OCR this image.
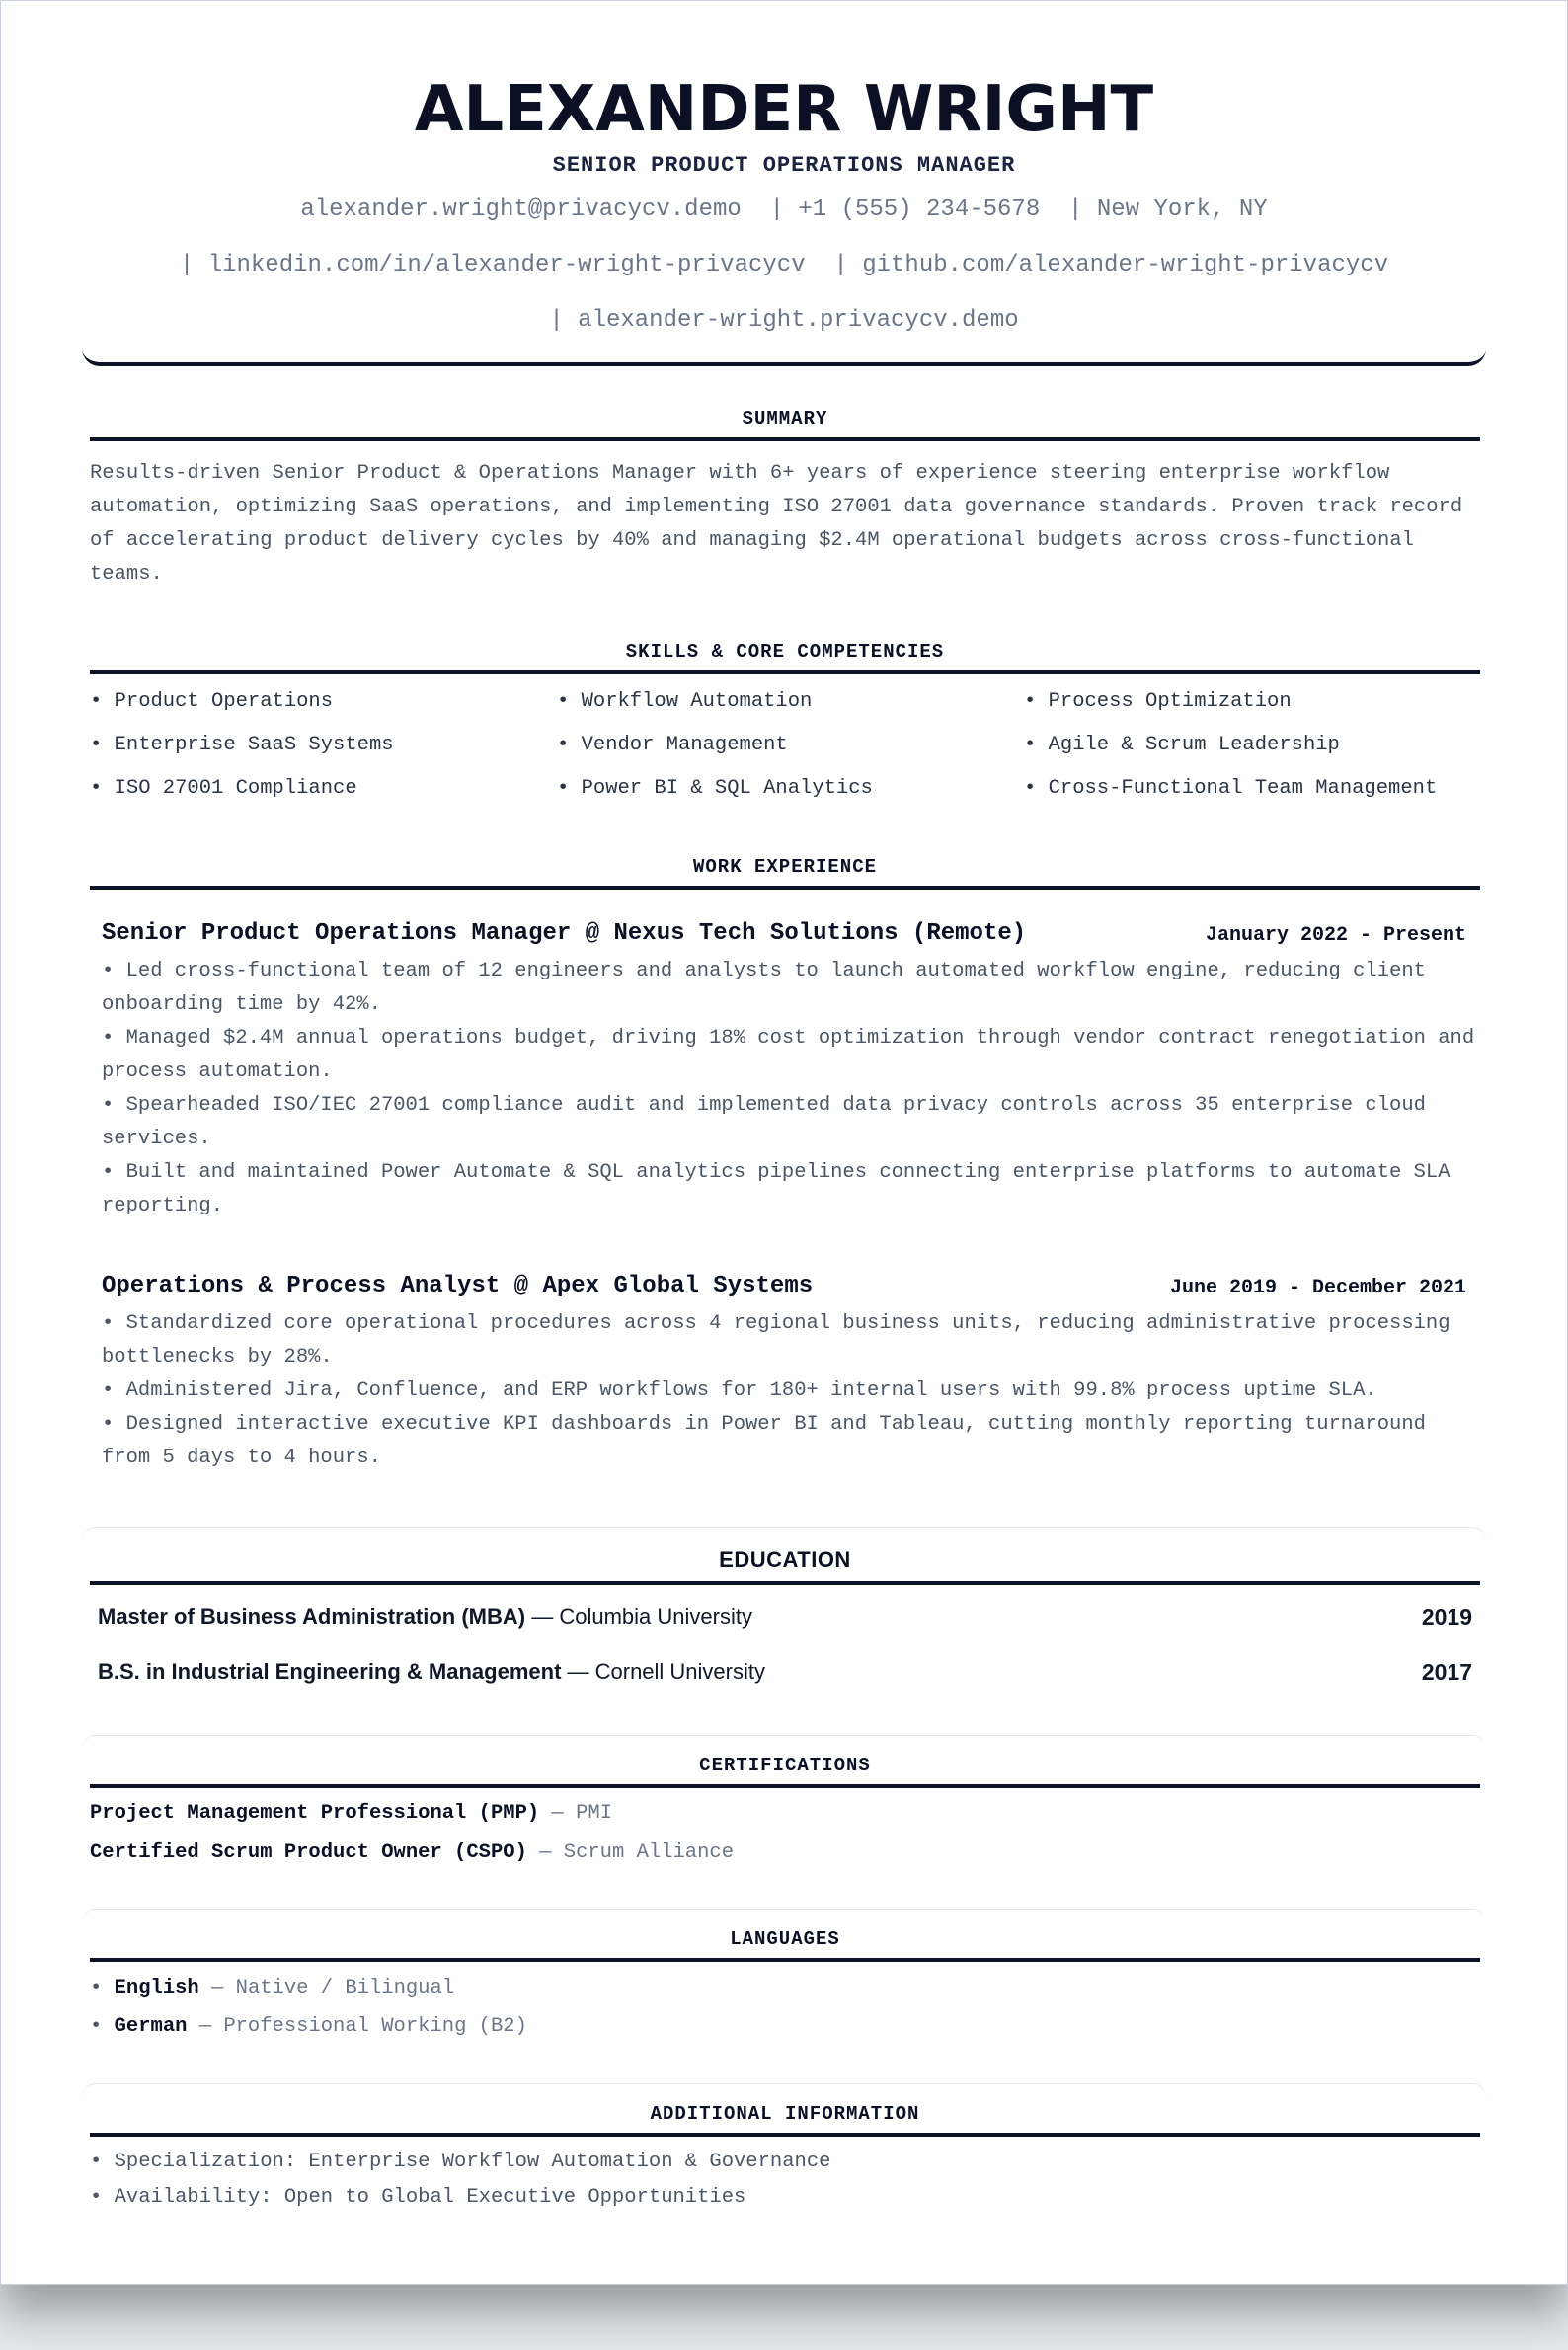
ALEXANDER WRIGHT
SENIOR PRODUCT OPERATIONS MANAGER
alexander.wright@privacycv.demo  | +1 (555) 234-5678  | New York, NY
| linkedin.com/in/alexander-wright-privacycv  | github.com/alexander-wright-privacycv
| alexander-wright.privacycv.demo
SUMMARY

Results-driven Senior Product & Operations Manager with 6+ years of experience steering enterprise workflow automation, optimizing SaaS operations, and implementing ISO 27001 data governance standards. Proven track record of accelerating product delivery cycles by 40% and managing $2.4M operational budgets across cross-functional teams.

SKILLS & CORE COMPETENCIES
• Product Operations	• Workflow Automation	• Process Optimization
• Enterprise SaaS Systems	• Vendor Management	• Agile & Scrum Leadership
• ISO 27001 Compliance	• Power BI & SQL Analytics	• Cross-Functional Team Management
WORK EXPERIENCE
Senior Product Operations Manager @ Nexus Tech Solutions (Remote)	January 2022 - Present
• Led cross-functional team of 12 engineers and analysts to launch automated workflow engine, reducing client onboarding time by 42%.
• Managed $2.4M annual operations budget, driving 18% cost optimization through vendor contract renegotiation and process automation.
• Spearheaded ISO/IEC 27001 compliance audit and implemented data privacy controls across 35 enterprise cloud services.
• Built and maintained Power Automate & SQL analytics pipelines connecting enterprise platforms to automate SLA reporting.
Operations & Process Analyst @ Apex Global Systems	June 2019 - December 2021
• Standardized core operational procedures across 4 regional business units, reducing administrative processing bottlenecks by 28%.
• Administered Jira, Confluence, and ERP workflows for 180+ internal users with 99.8% process uptime SLA.
• Designed interactive executive KPI dashboards in Power BI and Tableau, cutting monthly reporting turnaround from 5 days to 4 hours.
EDUCATION
Master of Business Administration (MBA) — Columbia University	2019
B.S. in Industrial Engineering & Management — Cornell University	2017
CERTIFICATIONS
Project Management Professional (PMP) — PMI
Certified Scrum Product Owner (CSPO) — Scrum Alliance
LANGUAGES
• English — Native / Bilingual
• German — Professional Working (B2)
ADDITIONAL INFORMATION
• Specialization: Enterprise Workflow Automation & Governance
• Availability: Open to Global Executive Opportunities
